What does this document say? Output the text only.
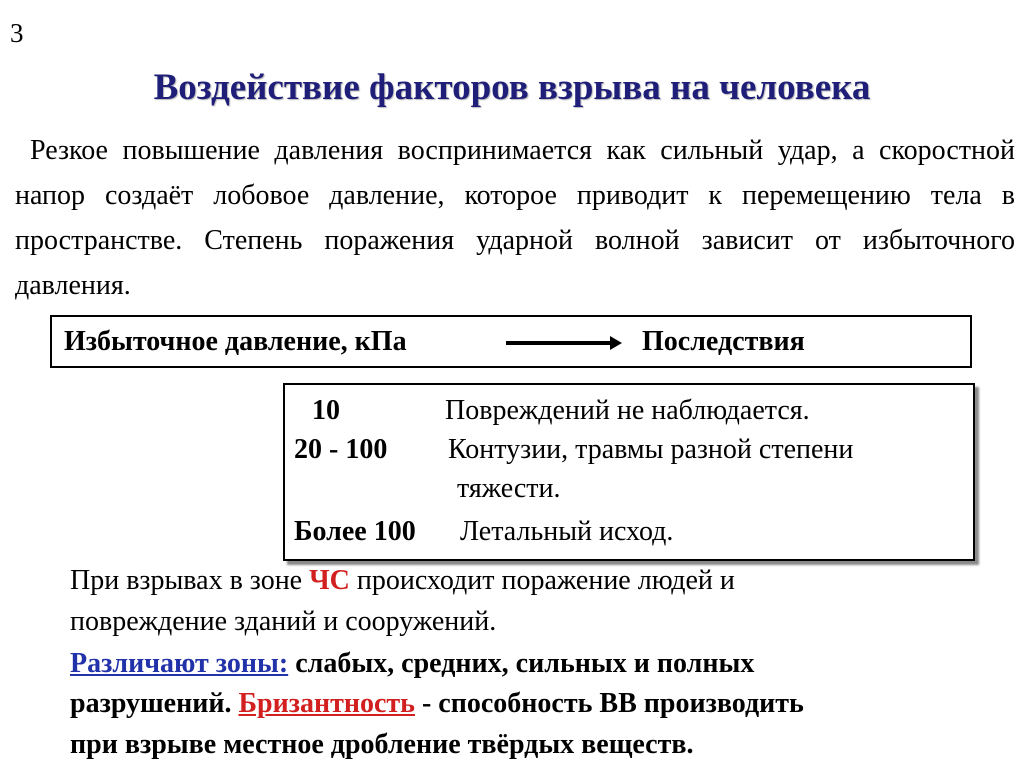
3
Воздействие факторов взрыва на человека

Резкое повышение давления воспринимается как сильный удар, а скоростной напор создаёт лобовое давление, которое приводит к перемещению тела в пространстве. Степень поражения ударной волной зависит от избыточного давления.

Избыточное давление, кПа	Последствия
10	Повреждений не наблюдается.
20 - 100 Контузии, травмы разной степени
тяжести.
Более 100 Летальный исход.
При взрывах в зоне ЧС происходит поражение людей и
повреждение зданий и сооружений.
Различают зоны: слабых, средних, сильных и полных
разрушений. Бризантность - способность ВВ производить
при взрыве местное дробление твёрдых веществ.
